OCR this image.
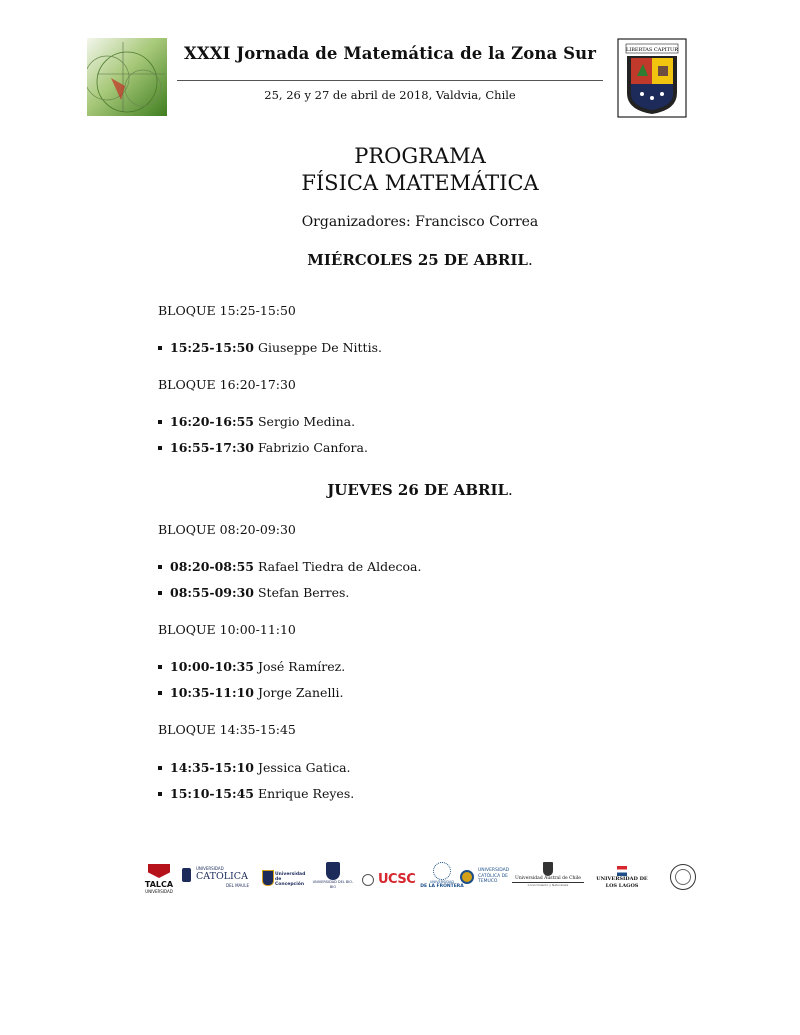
LIBERTAS CAPITUR
XXXI Jornada de Matemática de la Zona Sur
25, 26 y 27 de abril de 2018, Valdvia, Chile
PROGRAMA
FÍSICA MATEMÁTICA
Organizadores: Francisco Correa
MIÉRCOLES 25 DE ABRIL.
BLOQUE 15:25-15:50
15:25-15:50 Giuseppe De Nittis.
BLOQUE 16:20-17:30
16:20-16:55 Sergio Medina.
16:55-17:30 Fabrizio Canfora.
JUEVES 26 DE ABRIL.
BLOQUE 08:20-09:30
08:20-08:55 Rafael Tiedra de Aldecoa.
08:55-09:30 Stefan Berres.
BLOQUE 10:00-11:10
10:00-10:35 José Ramírez.
10:35-11:10 Jorge Zanelli.
BLOQUE 14:35-15:45
14:35-15:10 Jessica Gatica.
15:10-15:45 Enrique Reyes.
TALCA
UNIVERSIDAD
UNIVERSIDAD
CATOLICA
DEL MAULE
Universidad de Concepción	UNIVERSIDAD DEL BIO-BIO	UCSC	UNIVERSIDAD
DE LA FRONTERA
UNIVERSIDAD
CATÓLICA DE
TEMUCO
Universidad Austral de Chile
Conocimiento y Naturaleza
UNIVERSIDAD DE LOS LAGOS
